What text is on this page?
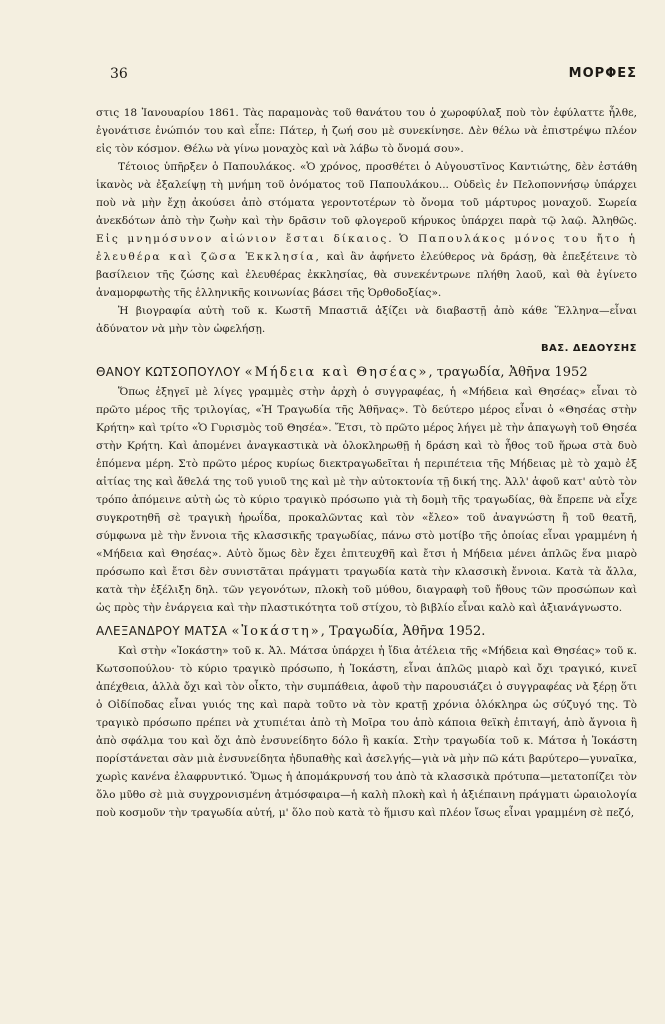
36	ΜΟΡΦΕΣ

στις 18 Ἰανουαρίου 1861. Τὰς παραμονὰς τοῦ θανάτου του ὁ χωροφύλαξ ποὺ τὸν ἐφύλαττε ἦλθε, ἐγονάτισε ἐνώπιόν του καὶ εἶπε: Πάτερ, ἡ ζωή σου μὲ συνεκίνησε. Δὲν θέλω νὰ ἐπιστρέψω πλέον εἰς τὸν κόσμον. Θέλω νὰ γίνω μοναχὸς καὶ νὰ λάβω τὸ ὄνομά σου».

Τέτοιος ὑπῆρξεν ὁ Παπουλάκος. «Ὁ χρόνος, προσθέτει ὁ Αὐγουστῖνος Καντιώτης, δὲν ἐστάθη ἱκανὸς νὰ ἐξαλείψῃ τὴ μνήμη τοῦ ὀνόματος τοῦ Παπουλάκου... Οὐδεὶς ἐν Πελοποννήσῳ ὑπάρχει ποὺ νὰ μὴν ἔχῃ ἀκούσει ἀπὸ στόματα γεροντοτέρων τὸ ὄνομα τοῦ μάρτυρος μοναχοῦ. Σωρεία ἀνεκδότων ἀπὸ τὴν ζωὴν καὶ τὴν δρᾶσιν τοῦ φλογεροῦ κήρυκος ὑπάρχει παρὰ τῷ λαῷ. Ἀληθῶς. Εἰς μνημόσυνον αἰώνιον ἔσται δίκαιος. Ὁ Παπουλάκος μόνος του ἤτο ἡ ἐλευθέρα καὶ ζῶσα Ἐκκλησία, καὶ ἂν ἀφήνετο ἐλεύθερος νὰ δράσῃ, θὰ ἐπεξέτεινε τὸ βασίλειον τῆς ζώσης καὶ ἐλευθέρας ἐκκλησίας, θὰ συνεκέντρωνε πλήθη λαοῦ, καὶ θὰ ἐγίνετο ἀναμορφωτὴς τῆς ἑλληνικῆς κοινωνίας βάσει τῆς Ὀρθοδοξίας».

Ἡ βιογραφία αὐτὴ τοῦ κ. Κωστῆ Μπαστιᾶ ἀξίζει νὰ διαβαστῇ ἀπὸ κάθε Ἕλληνα—εἶναι ἀδύνατον νὰ μὴν τὸν ὠφελήσῃ.

ΒΑΣ. ΔΕΔΟΥΣΗΣ
ΘΑΝΟΥ ΚΩΤΣΟΠΟΥΛΟΥ «Μήδεια καὶ Θησέας», τραγωδία, Ἀθῆνα 1952

Ὅπως ἐξηγεῖ μὲ λίγες γραμμὲς στὴν ἀρχὴ ὁ συγγραφέας, ἡ «Μήδεια καὶ Θησέας» εἶναι τὸ πρῶτο μέρος τῆς τριλογίας, «Ἡ Τραγωδία τῆς Ἀθῆνας». Τὸ δεύτερο μέρος εἶναι ὁ «Θησέας στὴν Κρήτη» καὶ τρίτο «Ὁ Γυρισμὸς τοῦ Θησέα». Ἔτσι, τὸ πρῶτο μέρος λήγει μὲ τὴν ἀπαγωγὴ τοῦ Θησέα στὴν Κρήτη. Καὶ ἀπομένει ἀναγκαστικὰ νὰ ὁλοκληρωθῇ ἡ δράση καὶ τὸ ἦθος τοῦ ἥρωα στὰ δυὸ ἑπόμενα μέρη. Στὸ πρῶτο μέρος κυρίως διεκτραγωδεῖται ἡ περιπέτεια τῆς Μήδειας μὲ τὸ χαμὸ ἐξ αἰτίας της καὶ ἄθελά της τοῦ γυιοῦ της καὶ μὲ τὴν αὐτοκτονία τῇ δική της. Ἀλλ' ἀφοῦ κατ' αὐτὸ τὸν τρόπο ἀπόμεινε αὐτὴ ὡς τὸ κύριο τραγικὸ πρόσωπο γιὰ τὴ δομὴ τῆς τραγωδίας, θὰ ἔπρεπε νὰ εἶχε συγκροτηθῆ σὲ τραγικὴ ἡρωΐδα, προκαλῶντας καὶ τὸν «ἔλεο» τοῦ ἀναγνώστη ἢ τοῦ θεατῆ, σύμφωνα μὲ τὴν ἔννοια τῆς κλασσικῆς τραγωδίας, πάνω στὸ μοτίβο τῆς ὁποίας εἶναι γραμμένη ἡ «Μήδεια καὶ Θησέας». Αὐτὸ ὅμως δὲν ἔχει ἐπιτευχθῆ καὶ ἔτσι ἡ Μήδεια μένει ἁπλῶς ἕνα μιαρὸ πρόσωπο καὶ ἔτσι δὲν συνιστᾶται πράγματι τραγωδία κατὰ τὴν κλασσικὴ ἔννοια. Κατὰ τὰ ἄλλα, κατὰ τὴν ἐξέλιξη δηλ. τῶν γεγονότων, πλοκὴ τοῦ μύθου, διαγραφὴ τοῦ ἤθους τῶν προσώπων καὶ ὡς πρὸς τὴν ἐνάργεια καὶ τὴν πλαστικότητα τοῦ στίχου, τὸ βιβλίο εἶναι καλὸ καὶ ἀξιανάγνωστο.

ΑΛΕΞΑΝΔΡΟΥ ΜΑΤΣΑ «Ἰοκάστη», Τραγωδία, Ἀθῆνα 1952.

Καὶ στὴν «Ἰοκάστη» τοῦ κ. Ἀλ. Μάτσα ὑπάρχει ἡ ἴδια ἀτέλεια τῆς «Μήδεια καὶ Θησέας» τοῦ κ. Κωτσοπούλου· τὸ κύριο τραγικὸ πρόσωπο, ἡ Ἰοκάστη, εἶναι ἁπλῶς μιαρὸ καὶ ὄχι τραγικό, κινεῖ ἀπέχθεια, ἀλλὰ ὄχι καὶ τὸν οἶκτο, τὴν συμπάθεια, ἀφοῦ τὴν παρουσιάζει ὁ συγγραφέας νὰ ξέρῃ ὅτι ὁ Οἰδίποδας εἶναι γυιός της καὶ παρὰ τοῦτο νὰ τὸν κρατῇ χρόνια ὁλόκληρα ὡς σύζυγό της. Τὸ τραγικὸ πρόσωπο πρέπει νὰ χτυπιέται ἀπὸ τὴ Μοῖρα του ἀπὸ κάποια θεϊκὴ ἐπιταγή, ἀπὸ ἄγνοια ἢ ἀπὸ σφάλμα του καὶ ὄχι ἀπὸ ἐνσυνείδητο δόλο ἢ κακία. Στὴν τραγωδία τοῦ κ. Μάτσα ἡ Ἰοκάστη πορίστάνεται σὰν μιὰ ἐνσυνείδητα ἠδυπαθὴς καὶ ἀσελγής—γιὰ νὰ μὴν πῶ κάτι βαρύτερο—γυναῖκα, χωρὶς κανένα ἐλαφρυντικό. Ὅμως ἡ ἀπομάκρυνσή του ἀπὸ τὰ κλασσικὰ πρότυπα—μετατοπίζει τὸν ὅλο μῦθο σὲ μιὰ συγχρονισμένη ἀτμόσφαιρα—ἡ καλὴ πλοκὴ καὶ ἡ ἀξιέπαινη πράγματι ὡραιολογία ποὺ κοσμοῦν τὴν τραγωδία αὐτή, μ' ὅλο ποὺ κατὰ τὸ ἥμισυ καὶ πλέον ἴσως εἶναι γραμμένη σὲ πεζό,
